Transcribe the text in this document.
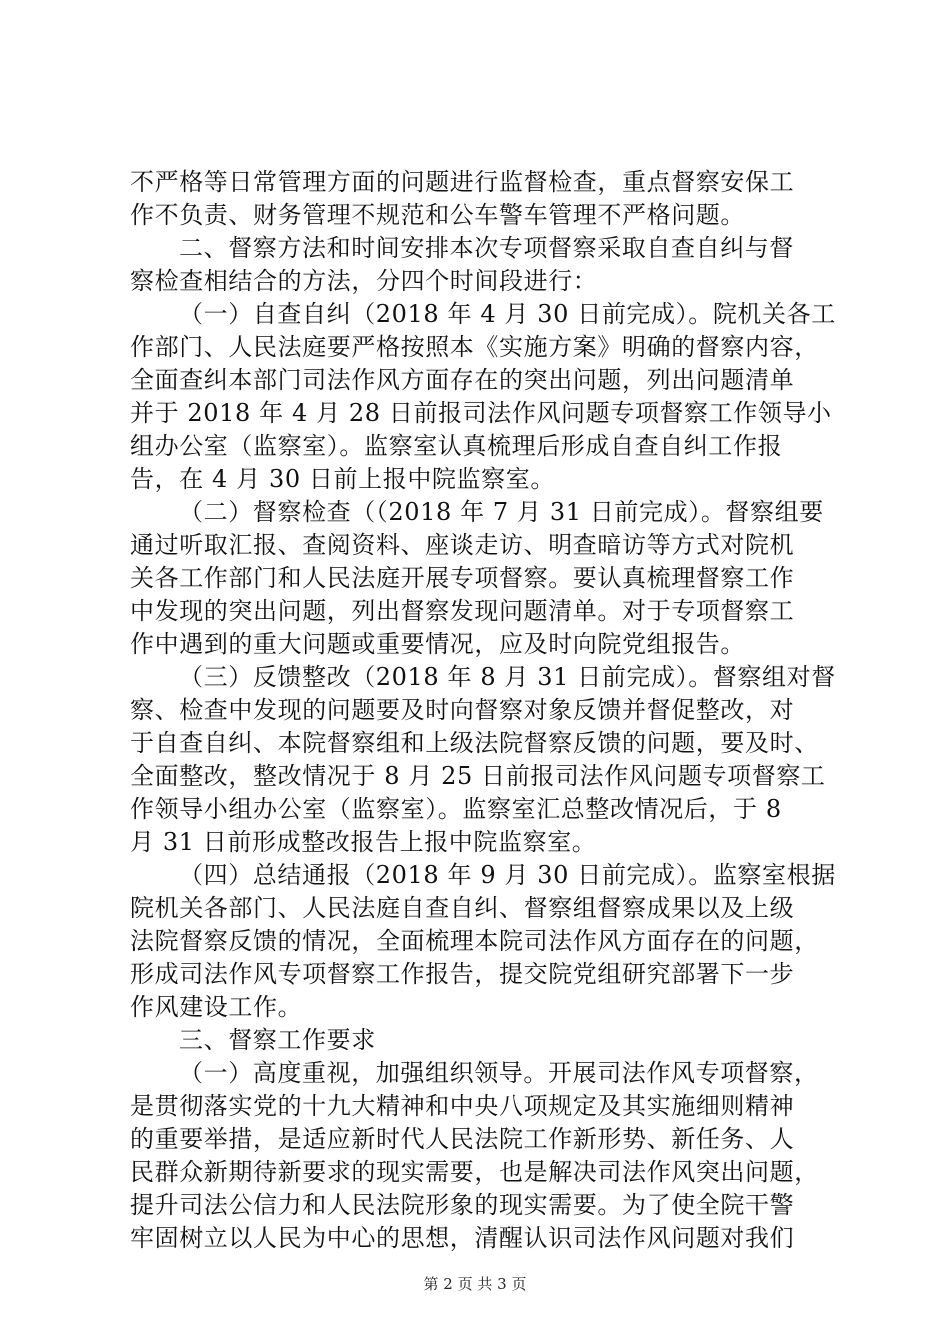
不严格等日常管理方面的问题进行监督检查，重点督察安保工
作不负责、财务管理不规范和公车警车管理不严格问题。
二、督察方法和时间安排本次专项督察采取自查自纠与督
察检查相结合的方法，分四个时间段进行：
（一）自查自纠（2018 年 4 月 30 日前完成）。院机关各工
作部门、人民法庭要严格按照本《实施方案》明确的督察内容，
全面查纠本部门司法作风方面存在的突出问题，列出问题清单
并于 2018 年 4 月 28 日前报司法作风问题专项督察工作领导小
组办公室（监察室）。监察室认真梳理后形成自查自纠工作报
告，在 4 月 30 日前上报中院监察室。
（二）督察检查（（2018 年 7 月 31 日前完成）。督察组要
通过听取汇报、查阅资料、座谈走访、明查暗访等方式对院机
关各工作部门和人民法庭开展专项督察。要认真梳理督察工作
中发现的突出问题，列出督察发现问题清单。对于专项督察工
作中遇到的重大问题或重要情况，应及时向院党组报告。
（三）反馈整改（2018 年 8 月 31 日前完成）。督察组对督
察、检查中发现的问题要及时向督察对象反馈并督促整改，对
于自查自纠、本院督察组和上级法院督察反馈的问题，要及时、
全面整改，整改情况于 8 月 25 日前报司法作风问题专项督察工
作领导小组办公室（监察室）。监察室汇总整改情况后，于 8
月 31 日前形成整改报告上报中院监察室。
（四）总结通报（2018 年 9 月 30 日前完成）。监察室根据
院机关各部门、人民法庭自查自纠、督察组督察成果以及上级
法院督察反馈的情况，全面梳理本院司法作风方面存在的问题，
形成司法作风专项督察工作报告，提交院党组研究部署下一步
作风建设工作。
三、督察工作要求
（一）高度重视，加强组织领导。开展司法作风专项督察，
是贯彻落实党的十九大精神和中央八项规定及其实施细则精神
的重要举措，是适应新时代人民法院工作新形势、新任务、人
民群众新期待新要求的现实需要，也是解决司法作风突出问题，
提升司法公信力和人民法院形象的现实需要。为了使全院干警
牢固树立以人民为中心的思想，清醒认识司法作风问题对我们
第 2 页 共 3 页
